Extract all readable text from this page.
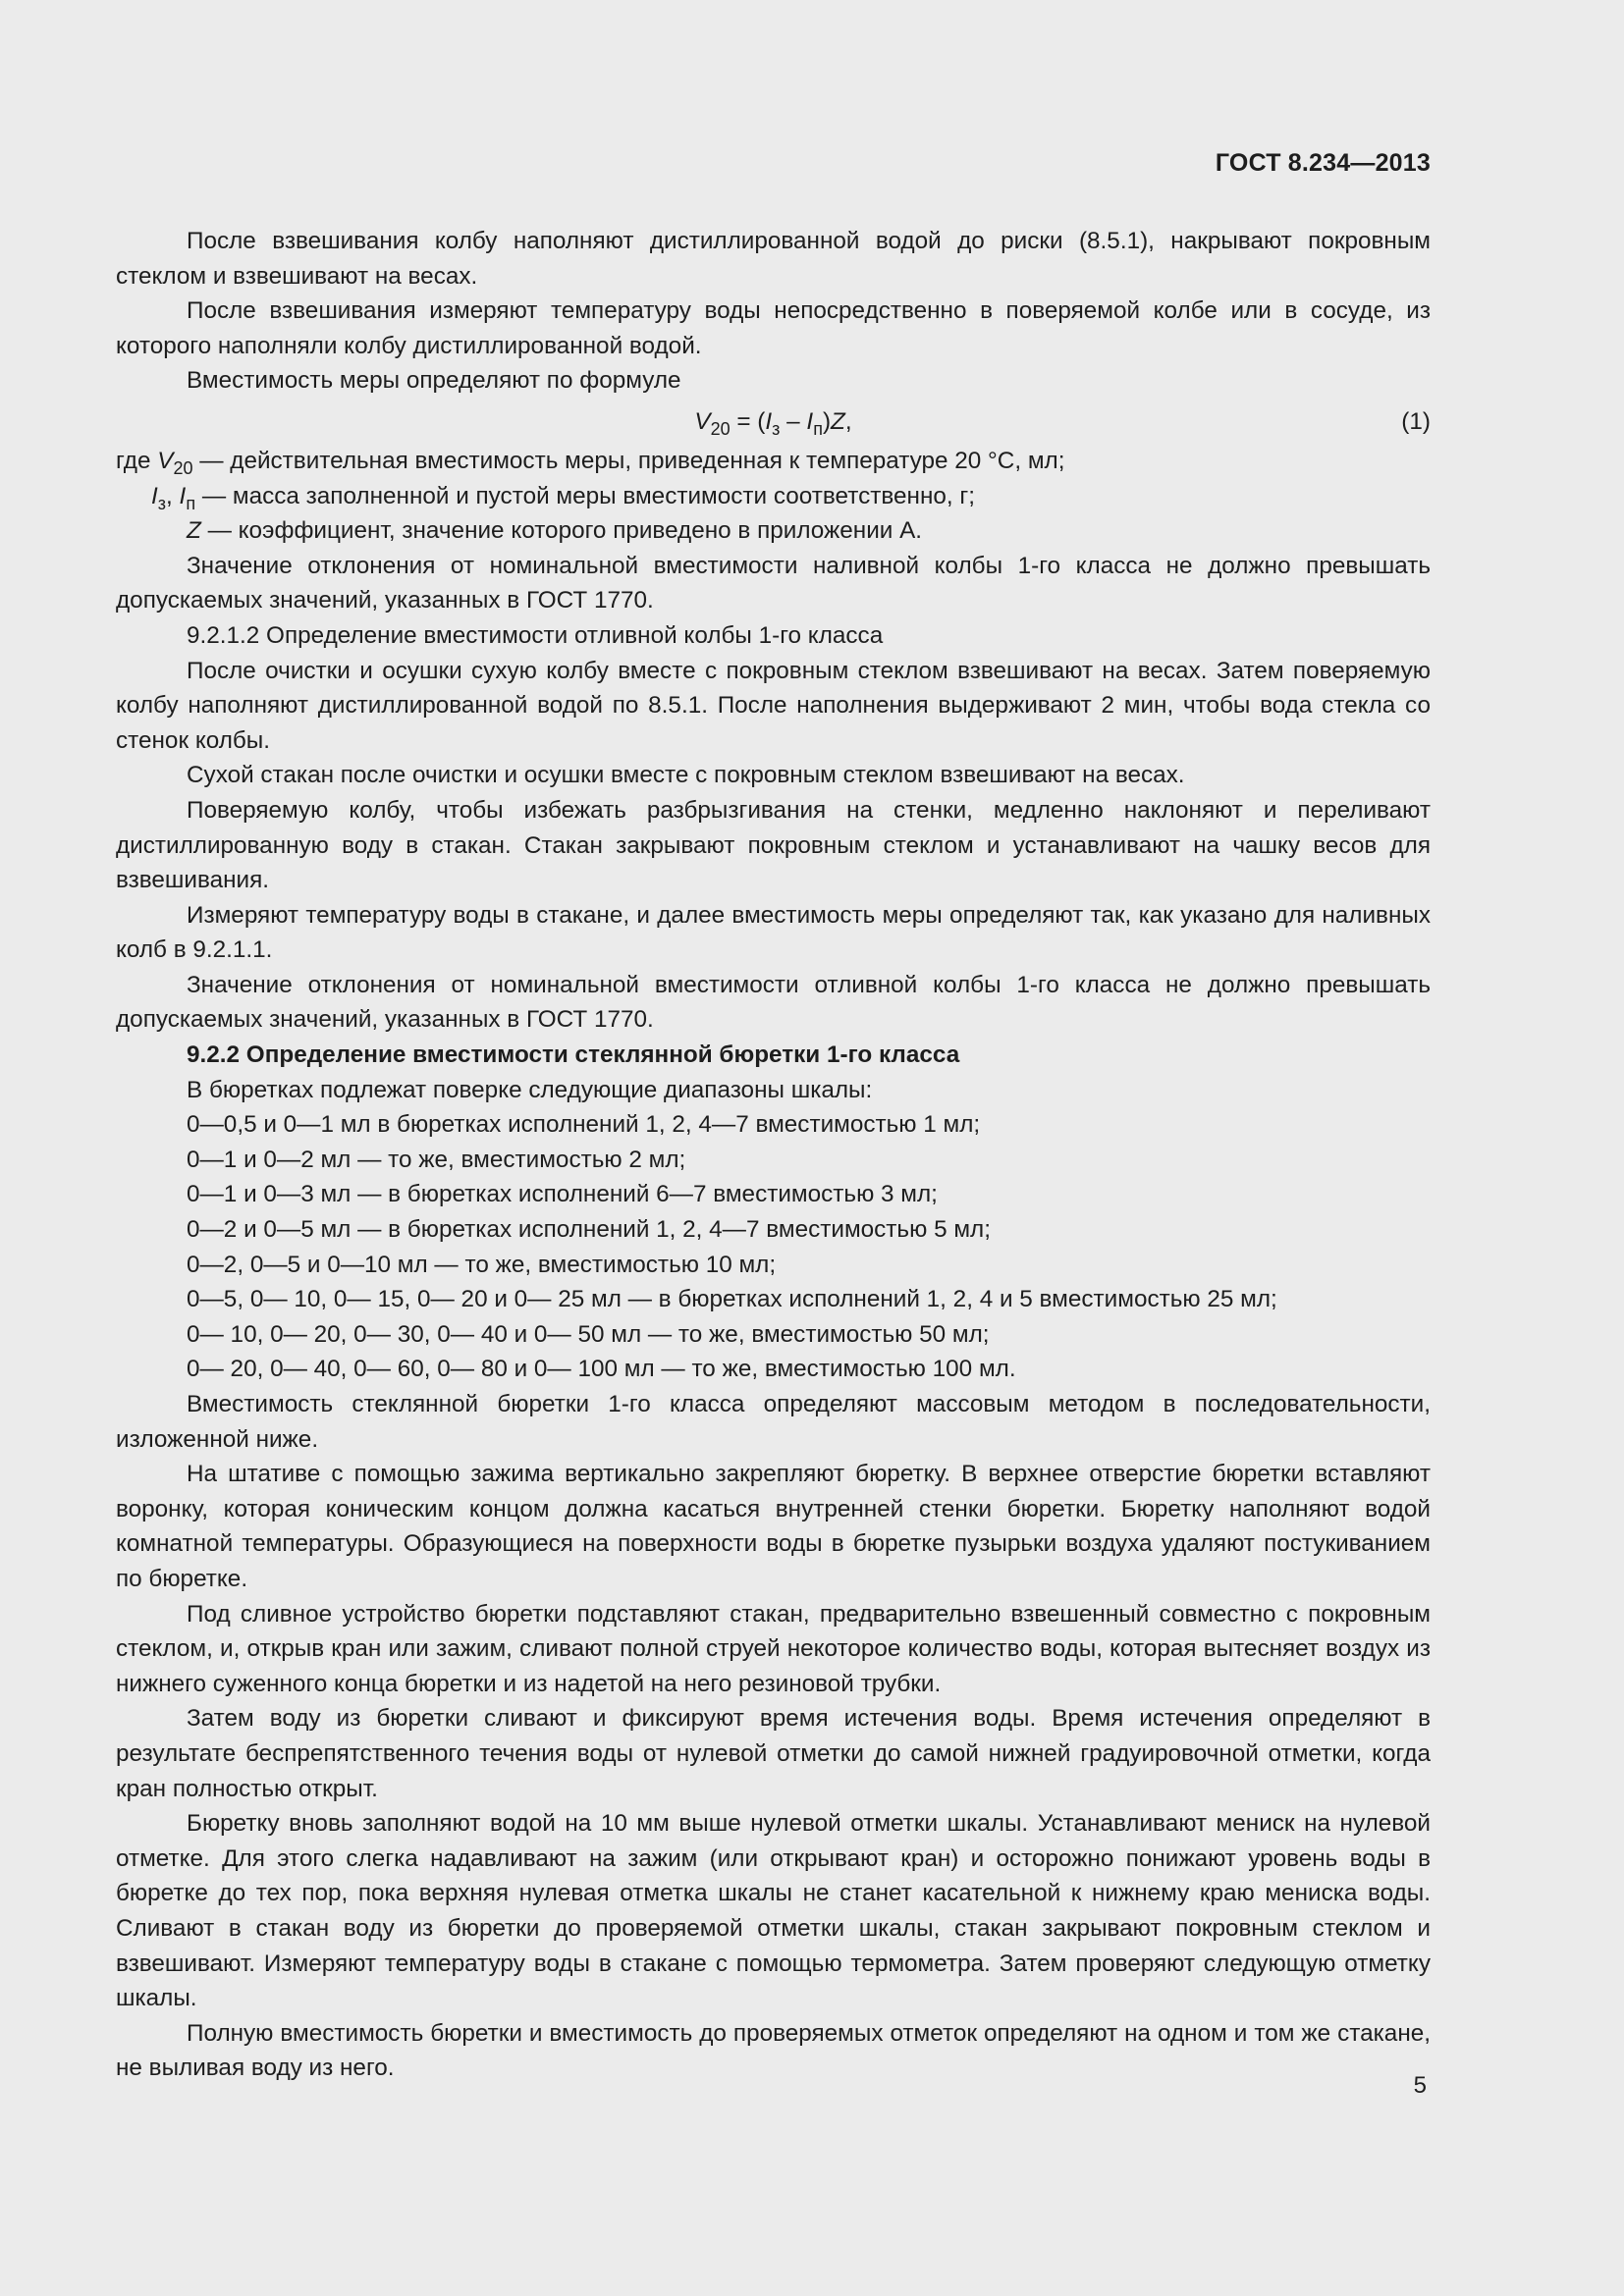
ГОСТ 8.234—2013

После взвешивания колбу наполняют дистиллированной водой до риски (8.5.1), накрывают покровным стеклом и взвешивают на весах.

После взвешивания измеряют температуру воды непосредственно в поверяемой колбе или в сосуде, из которого наполняли колбу дистиллированной водой.

Вместимость меры определяют по формуле

$V_{20} = (I_з - I_п)Z$,	(1)

где $V_{20}$ — действительная вместимость меры, приведенная к температуре 20 °С, мл;

$I_з$, $I_п$ — масса заполненной и пустой меры вместимости соответственно, г;

Z — коэффициент, значение которого приведено в приложении А.

Значение отклонения от номинальной вместимости наливной колбы 1-го класса не должно превышать допускаемых значений, указанных в ГОСТ 1770.

9.2.1.2 Определение вместимости отливной колбы 1-го класса

После очистки и осушки сухую колбу вместе с покровным стеклом взвешивают на весах. Затем поверяемую колбу наполняют дистиллированной водой по 8.5.1. После наполнения выдерживают 2 мин, чтобы вода стекла со стенок колбы.

Сухой стакан после очистки и осушки вместе с покровным стеклом взвешивают на весах.

Поверяемую колбу, чтобы избежать разбрызгивания на стенки, медленно наклоняют и переливают дистиллированную воду в стакан. Стакан закрывают покровным стеклом и устанавливают на чашку весов для взвешивания.

Измеряют температуру воды в стакане, и далее вместимость меры определяют так, как указано для наливных колб в 9.2.1.1.

Значение отклонения от номинальной вместимости отливной колбы 1-го класса не должно превышать допускаемых значений, указанных в ГОСТ 1770.

9.2.2 Определение вместимости стеклянной бюретки 1-го класса

В бюретках подлежат поверке следующие диапазоны шкалы:

0—0,5 и 0—1 мл в бюретках исполнений 1, 2, 4—7 вместимостью 1 мл;

0—1 и 0—2 мл — то же, вместимостью 2 мл;

0—1 и 0—3 мл — в бюретках исполнений 6—7 вместимостью 3 мл;

0—2 и 0—5 мл — в бюретках исполнений 1, 2, 4—7 вместимостью 5 мл;

0—2, 0—5 и 0—10 мл — то же, вместимостью 10 мл;

0—5, 0— 10, 0— 15, 0— 20 и 0— 25 мл — в бюретках исполнений 1, 2, 4 и 5 вместимостью 25 мл;

0— 10, 0— 20, 0— 30, 0— 40 и 0— 50 мл — то же, вместимостью 50 мл;

0— 20, 0— 40, 0— 60, 0— 80 и 0— 100 мл — то же, вместимостью 100 мл.

Вместимость стеклянной бюретки 1-го класса определяют массовым методом в последовательности, изложенной ниже.

На штативе с помощью зажима вертикально закрепляют бюретку. В верхнее отверстие бюретки вставляют воронку, которая коническим концом должна касаться внутренней стенки бюретки. Бюретку наполняют водой комнатной температуры. Образующиеся на поверхности воды в бюретке пузырьки воздуха удаляют постукиванием по бюретке.

Под сливное устройство бюретки подставляют стакан, предварительно взвешенный совместно с покровным стеклом, и, открыв кран или зажим, сливают полной струей некоторое количество воды, которая вытесняет воздух из нижнего суженного конца бюретки и из надетой на него резиновой трубки.

Затем воду из бюретки сливают и фиксируют время истечения воды. Время истечения определяют в результате беспрепятственного течения воды от нулевой отметки до самой нижней градуировочной отметки, когда кран полностью открыт.

Бюретку вновь заполняют водой на 10 мм выше нулевой отметки шкалы. Устанавливают мениск на нулевой отметке. Для этого слегка надавливают на зажим (или открывают кран) и осторожно понижают уровень воды в бюретке до тех пор, пока верхняя нулевая отметка шкалы не станет касательной к нижнему краю мениска воды. Сливают в стакан воду из бюретки до проверяемой отметки шкалы, стакан закрывают покровным стеклом и взвешивают. Измеряют температуру воды в стакане с помощью термометра. Затем проверяют следующую отметку шкалы.

Полную вместимость бюретки и вместимость до проверяемых отметок определяют на одном и том же стакане, не выливая воду из него.

5
